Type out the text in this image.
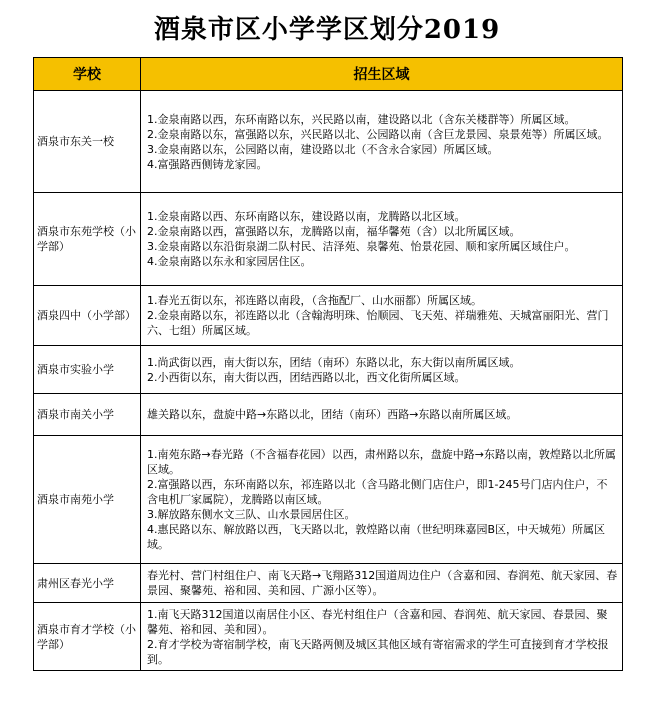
酒泉市区小学学区划分2019
学校	招生区域
酒泉市东关一校	1.金泉南路以西，东环南路以东，兴民路以南，建设路以北（含东关楼群等）所属区域。
2.金泉南路以东，富强路以东，兴民路以北、公园路以南（含巨龙景园、泉景苑等）所属区域。
3.金泉南路以东，公园路以南，建设路以北（不含永合家园）所属区域。
4.富强路西侧铸龙家园。

酒泉市东苑学校（小学部）	1.金泉南路以西、东环南路以东，建设路以南，龙腾路以北区域。
2.金泉南路以西，富强路以东，龙腾路以南，福华馨苑（含）以北所属区域。
3.金泉南路以东沿街泉湖二队村民、洁泽苑、泉馨苑、怡景花园、顺和家所属区域住户。
4.金泉南路以东永和家园居住区。

酒泉四中（小学部）	1.春光五街以东，祁连路以南段，（含拖配厂、山水丽都）所属区域。
2.金泉南路以东，祁连路以北（含翰海明珠、怡顺园、飞天苑、祥瑞雅苑、天城富丽阳光、营门六、七组）所属区域。

酒泉市实验小学	1.尚武街以西，南大街以东，团结（南环）东路以北，东大街以南所属区域。
2.小西街以东，南大街以西，团结西路以北，西文化街所属区域。

酒泉市南关小学	雄关路以东，盘旋中路→东路以北，团结（南环）西路→东路以南所属区域。

酒泉市南苑小学	1.南苑东路→春光路（不含福春花园）以西，肃州路以东，盘旋中路→东路以南，敦煌路以北所属区域。
2.富强路以西，东环南路以东，祁连路以北（含马路北侧门店住户，即1-245号门店内住户，不含电机厂家属院），龙腾路以南区域。
3.解放路东侧水文三队、山水景园居住区。
4.惠民路以东、解放路以西，飞天路以北，敦煌路以南（世纪明珠嘉园B区，中天城苑）所属区域。

肃州区春光小学	春光村、营门村组住户、南飞天路→飞翔路312国道周边住户（含嘉和园、春润苑、航天家园、春景园、聚馨苑、裕和园、美和园、广源小区等）。

酒泉市育才学校（小学部）	1.南飞天路312国道以南居住小区、春光村组住户（含嘉和园、春润苑、航天家园、春景园、聚馨苑、裕和园、美和园）。
2.育才学校为寄宿制学校，南飞天路两侧及城区其他区域有寄宿需求的学生可直接到育才学校报到。
